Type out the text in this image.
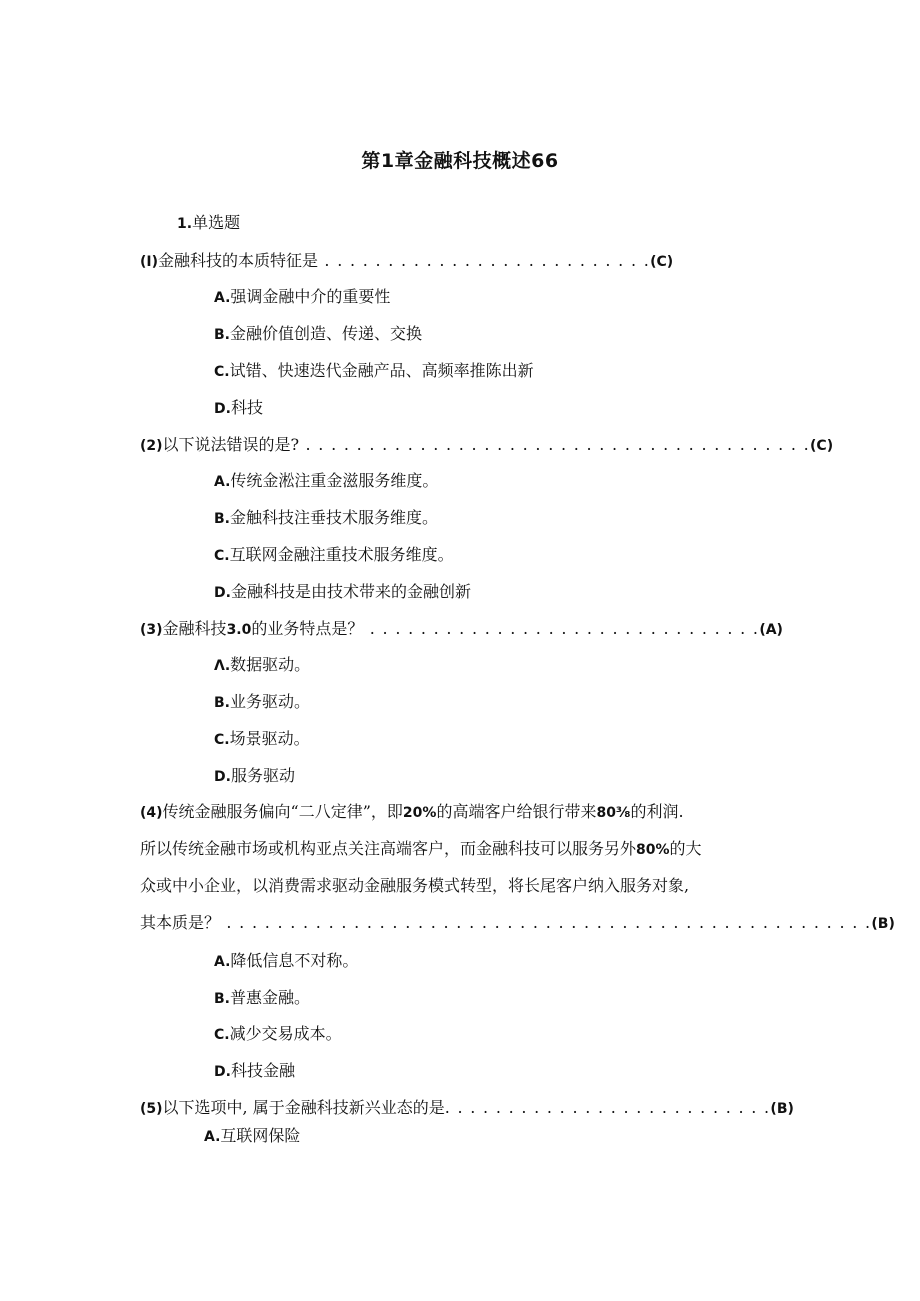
第1章金融科技概述66
1.单选题
(I)金融科技的本质特征是 . . . . . . . . . . . . . . . . . . . . . . . . . .(C)
A.强调金融中介的重要性
B.金融价值创造、传递、交换
C.试错、快速迭代金融产品、高频率推陈出新
D.科技
(2)以下说法错误的是? . . . . . . . . . . . . . . . . . . . . . . . . . . . . . . . . . . . . . . . .(C)
A.传统金淞注重金滋服务维度。
B.金触科技注垂技术服务维度。
C.互联网金融注重技术服务维度。
D.金融科技是由技术带来的金融创新
(3)金融科技3.0的业务特点是？ . . . . . . . . . . . . . . . . . . . . . . . . . . . . . . .(A)
Λ.数据驱动。
B.业务驱动。
C.场景驱动。
D.服务驱动
(4)传统金融服务偏向“二八定律”，即20%的高端客户给银行带来80⅜的利润.
所以传统金融市场或机构亚点关注高端客户，而金融科技可以服务另外80%的大
众或中小企业，以消费需求驱动金融服务模式转型，将长尾客户纳入服务对象,
其本质是？ . . . . . . . . . . . . . . . . . . . . . . . . . . . . . . . . . . . . . . . . . . . . . . . . . . .(B)
A.降低信息不对称。
B.普惠金融。
C.减少交易成本。
D.科技金融
(5)以下选项中, 属于金融科技新兴业态的是. . . . . . . . . . . . . . . . . . . . . . . . . .(B)
A.互联网保险
